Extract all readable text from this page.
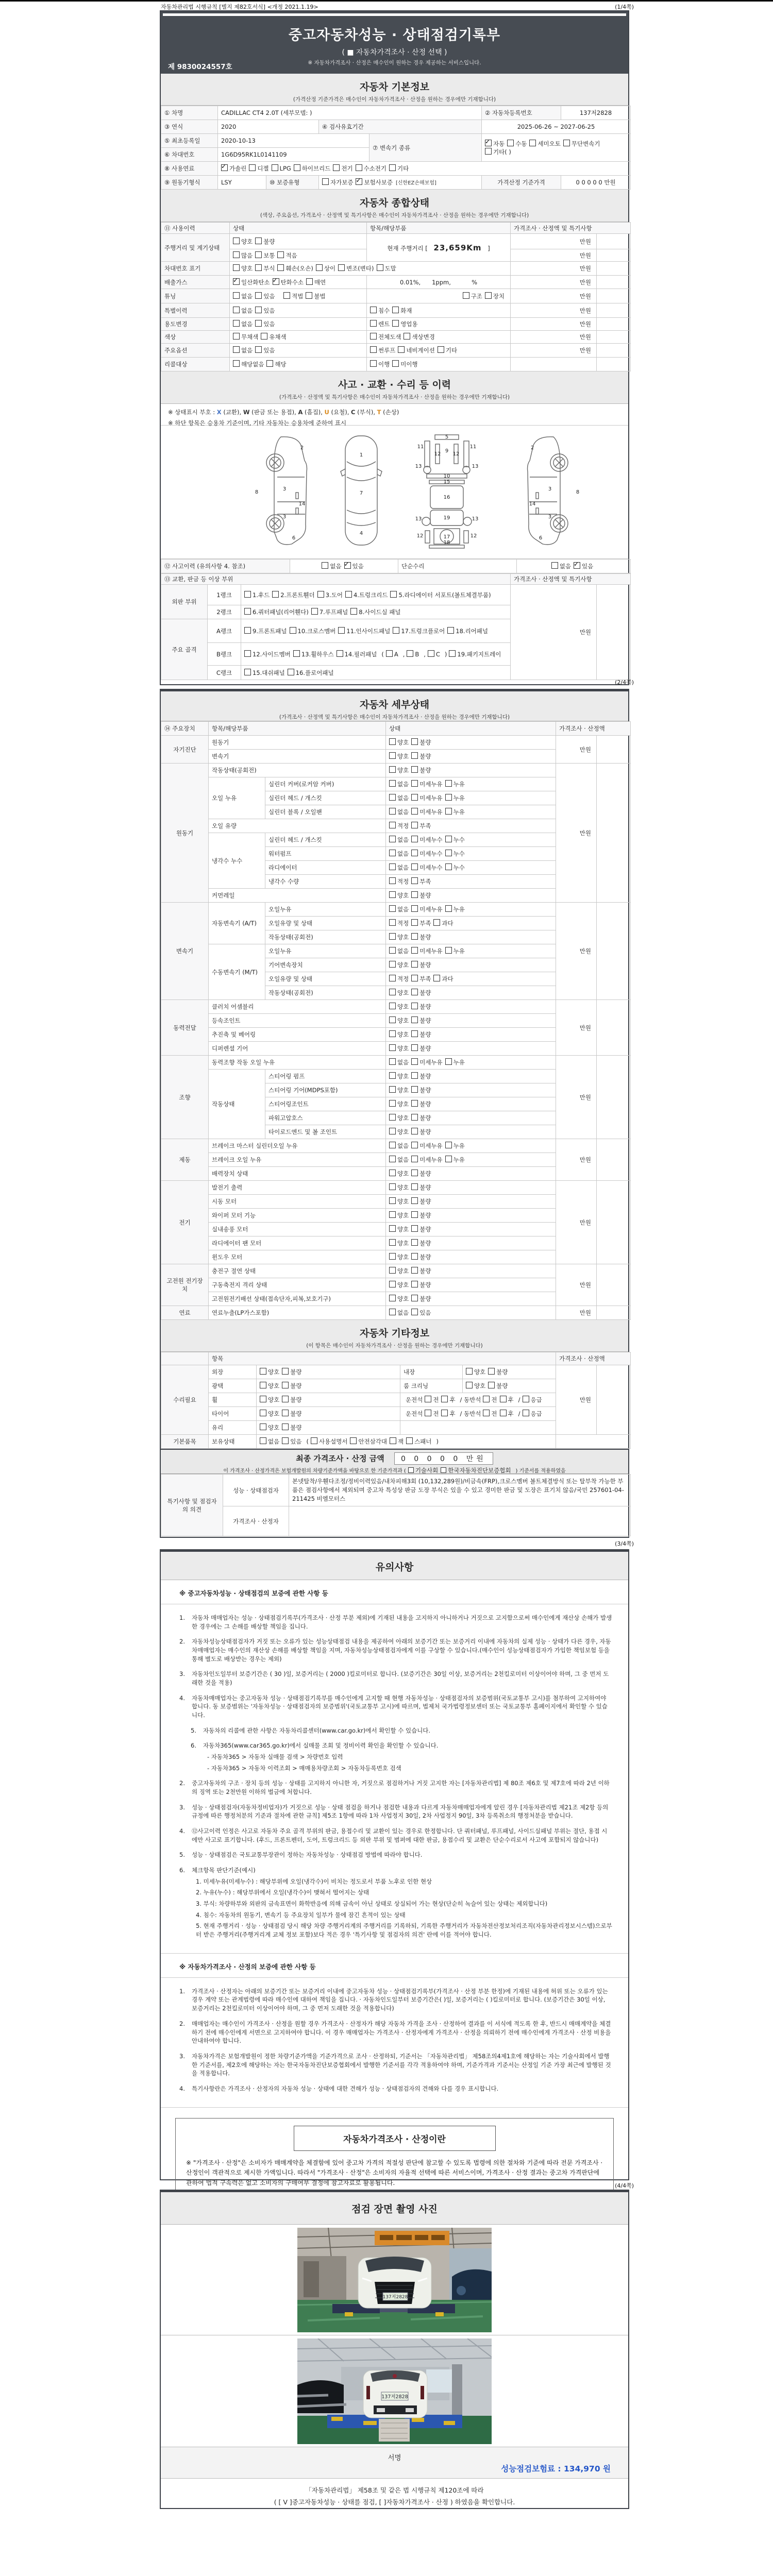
자동차관리법 시행규칙 [별지 제82호서식] <개정 2021.1.19>	(1/4쪽)
중고자동차성능 · 상태점검기록부
( ■ 자동차가격조사 · 산정 선택 )
※ 자동차가격조사 · 산정은 매수인이 원하는 경우 제공하는 서비스입니다.
제 9830024557호
자동차 기본정보
(가격산정 기준가격은 매수인이 자동차가격조사 · 산정을 원하는 경우에만 기재합니다)
① 차명	CADILLAC CT4 2.0T (세부모델: )				② 자동차등록번호	137저2828
③ 연식	2020		④ 검사유효기간		2025-06-26 ~ 2027-06-25	
⑤ 최초등록일	2020-10-13			⑦ 변속기 종류	✓자동 수동 세미오토 무단변속기기타( )
⑥ 차대번호	1G6D95RK1L0141109					
⑧ 사용연료	✓가솔린 디젤 LPG 하이브리드 전기 수소전기 기타
⑨ 원동기형식	LSY	⑩ 보증유형	자가보증 ✓ 보험사보증 [신한EZ손해보험]		가격산정 기준가격	0 0 0 0 0 만원
자동차 종합상태
(색상, 주요옵션, 가격조사 · 산정액 및 특기사항은 매수인이 자동차가격조사 · 산정을 원하는 경우에만 기재합니다)
⑪ 사용이력	상태	항목/해당부품	가격조사 · 산정액 및 특기사항	
주행거리 및 계기상태	양호 불량	현재 주행거리 [ 23,659Km ]	만원	
	많음 보통 적음		만원	
차대번호 표기	양호 부식 훼손(오손) 상이 변조(변타) 도말		만원	
배출가스	✓일산화탄소 ✓ 탄화수소 매연	0.01%,      1ppm,           %	만원	
튜닝	없음 있음 적법 불법	구조 장치	만원	
특별이력	없음 있음	침수 화재	만원	
용도변경	없음 있음	렌트 영업용	만원	
색상	무채색 유채색	전체도색 색상변경	만원	
주요옵션	없음 있음	썬루프 네비게이션 기타	만원	
리콜대상	해당없음 해당	이행 미이행		
사고 · 교환 · 수리 등 이력
(가격조사 · 산정액 및 특기사항은 매수인이 자동차가격조사 · 산정을 원하는 경우에만 기재합니다)
※ 상태표시 부호 : X (교환), W (판금 또는 용접), A (흠집), U (요철), C (부식), T (손상)
※ 하단 항목은 승용차 기준이며, 기타 자동차는 승용차에 준하여 표시
2
8
3
14
3
6
1
7
4
5
9
11	11
12 12
13	13
10
15
16
13	13
19
17
12	12
18
2
8
3
14
3
6
⑫ 사고이력 (유의사항 4. 참조)	없음 ✓ 있음	단순수리	없음 ✓ 있음
⑬ 교환, 판금 등 이상 부위			가격조사 · 산정액 및 특기사항	
외판 부위	1랭크	1.후드 2.프론트휀더 3.도어 4.트렁크리드 5.라디에이터 서포트(볼트체결부품)	만원	
	2랭크	6.쿼터패널(리어휀다) 7.루프패널 8.사이드실 패널		
주요 골격	A랭크	9.프론트패널 10.크로스멤버 11.인사이드패널 17.트렁크플로어 18.리어패널		
	B랭크	12.사이드멤버 13.휠하우스 14.필러패널 ( A , B , C ) 19.패키지트레이		
	C랭크	15.대쉬패널 16.플로어패널		
(2/4쪽)
자동차 세부상태
(가격조사 · 산정액 및 특기사항은 매수인이 자동차가격조사 · 산정을 원하는 경우에만 기재합니다)
⑭ 주요장치	항목/해당부품		상태	가격조사 · 산정액	
자기진단	원동기		양호 불량	만원	
	변속기		양호 불량		
원동기	작동상태(공회전)		양호 불량	만원	
	오일 누유	실린더 커버(로커암 커버)	없음 미세누유 누유		
		실린더 헤드 / 개스킷	없음 미세누유 누유		
		실린더 블록 / 오일팬	없음 미세누유 누유		
	오일 유량		적정 부족		
	냉각수 누수	실린더 헤드 / 개스킷	없음 미세누수 누수		
		워터펌프	없음 미세누수 누수		
		라디에이터	없음 미세누수 누수		
		냉각수 수량	적정 부족		
	커먼레일		양호 불량		
변속기	자동변속기 (A/T)	오일누유	없음 미세누유 누유	만원	
		오일유량 및 상태	적정 부족 과다		
		작동상태(공회전)	양호 불량		
	수동변속기 (M/T)	오일누유	없음 미세누유 누유		
		기어변속장치	양호 불량		
		오일유량 및 상태	적정 부족 과다		
		작동상태(공회전)	양호 불량		
동력전달	클러치 어셈블리		양호 불량	만원	
	등속조인트		양호 불량		
	추진축 및 베어링		양호 불량		
	디퍼렌셜 기어		양호 불량		
조향	동력조향 작동 오일 누유		없음 미세누유 누유	만원	
	작동상태	스티어링 펌프	양호 불량		
		스티어링 기어(MDPS포함)	양호 불량		
		스티어링조인트	양호 불량		
		파워고압호스	양호 불량		
		타이로드엔드 및 볼 조인트	양호 불량		
제동	브레이크 마스터 실린더오일 누유		없음 미세누유 누유	만원	
	브레이크 오일 누유		없음 미세누유 누유		
	배력장치 상태		양호 불량		
전기	발전기 출력		양호 불량	만원	
	시동 모터		양호 불량		
	와이퍼 모터 기능		양호 불량		
	실내송풍 모터		양호 불량		
	라디에이터 팬 모터		양호 불량		
	윈도우 모터		양호 불량		
고전원 전기장치	충전구 절연 상태		양호 불량	만원	
	구동축전지 격리 상태		양호 불량		
	고전원전기배선 상태(접속단자,피복,보호기구)		양호 불량		
연료	연료누출(LP가스포함)		없음 있음	만원	
자동차 기타정보
(이 항목은 매수인이 자동차가격조사 · 산정을 원하는 경우에만 기재합니다)
	항목				가격조사 · 산정액	
수리필요	외장	양호 불량	내장	양호 불량	만원	
	광택	양호 불량	룸 크리닝	양호 불량		
	휠	양호 불량	운전석 전 후 / 동반석 전 후 / 응급			
	타이어	양호 불량	운전석 전 후 / 동반석 전 후 / 응급			
	유리	양호 불량				
기본품목	보유상태	없음 있음 ( 사용설명서 안전삼각대 잭 스패너 )				
최종 가격조사 · 산정 금액 0 0 0 0 0 만원
이 가격조사 · 산정가격은 보험개발원의 차량기준가액을 바탕으로 한 기준가격과 ( 기술사회 한국자동차진단보증협회 ) 기준서를 적용하였음
특기사항 및 점검자의 의견	성능 · 상태점검자	본넷탈착/우휀다조정/정비이력있음/내차피해3회 (10,132,289원)/비금속(FRP),크로스멤버 볼트체결방식 또는 탈부착 가능한 부품은 점검사항에서 제외되며 중고차 특성상 판금 도장 부식은 있을 수 있고 경미한 판금 및 도장은 표기치 않음/국민 257601-04-211425 비엠모터스
	가격조사 · 산정자	
(3/4쪽)
유의사항
※ 중고자동차성능 · 상태점검의 보증에 관한 사항 등
1.	자동차 매매업자는 성능 · 상태점검기록부(가격조사 · 산정 부분 제외)에 기재된 내용을 고지하지 아니하거나 거짓으로 고지함으로써 매수인에게 재산상 손해가 발생한 경우에는 그 손해를 배상할 책임을 집니다.
2.	자동차성능상태점검자가 거짓 또는 오류가 있는 성능상태점검 내용을 제공하여 아래의 보증기간 또는 보증거리 이내에 자동차의 실제 성능 · 상태가 다른 경우, 자동차매매업자는 매수인의 재산상 손해를 배상할 책임을 지며, 자동차성능상태점검자에게 이를 구상할 수 있습니다.(매수인이 성능상태점검자가 가입한 책임보험 등을 통해 별도로 배상받는 경우는 제외)
3.	자동차인도일부터 보증기간은 ( 30 )일, 보증거리는 ( 2000 )킬로미터로 합니다. (보증기간은 30일 이상, 보증거리는 2천킬로미터 이상이어야 하며, 그 중 먼저 도래한 것을 적용)
4.	자동차매매업자는 중고자동차 성능 · 상태점검기록부를 매수인에게 고지할 때 현행 자동차성능 · 상태점검자의 보증범위(국토교통부 고시)를 첨부하여 고지하여야 합니다. 동 보증범위는 '자동차성능 · 상태점검자의 보증범위'(국토교통부 고시)에 따르며, 법제처 국가법령정보센터 또는 국토교통부 홈페이지에서 확인할 수 있습니다.
5.	자동차의 리콜에 관한 사항은 자동차리콜센터(www.car.go.kr)에서 확인할 수 있습니다.
6.	자동차365(www.car365.go.kr)에서 실매물 조회 및 정비이력 확인을 확인할 수 있습니다.
- 자동차365 > 자동차 실매물 검색 > 차량번호 입력
- 자동차365 > 자동차 이력조회 > 매매용차량조회 > 자동차등록번호 검색
2.	중고자동차의 구조 · 장치 등의 성능 · 상태를 고지하지 아니한 자, 거짓으로 점검하거나 거짓 고지한 자는 [자동차관리법] 제 80조 제6호 및 제7호에 따라 2년 이하의 징역 또는 2천만원 이하의 벌금에 처합니다.
3.	성능 · 상태점검자(자동차정비업자)가 거짓으로 성능 · 상태 점검을 하거나 점검한 내용과 다르게 자동차매매업자에게 알린 경우 [자동차관리법 제21조 제2항 등의 규정에 따른 행정처분의 기준과 절차에 관한 규칙] 제5조 1항에 따라 1차 사업정지 30일, 2차 사업정지 90일, 3차 등록취소의 행정처분을 받습니다.
4.	⑫사고이력 인정은 사고로 자동차 주요 골격 부위의 판금, 용접수리 및 교환이 있는 경우로 한정합니다. 단 쿼터패널, 루프패널, 사이드실패널 부위는 절단, 용접 시에만 사고로 표기합니다. (후드, 프론트펜더, 도어, 트렁크리드 등 외판 부위 및 범퍼에 대한 판금, 용접수리 및 교환은 단순수리로서 사고에 포함되지 않습니다)
5.	성능 · 상태점검은 국토교통부장관이 정하는 자동차성능 · 상태점검 방법에 따라야 합니다.
6.	체크항목 판단기준(예시)
1. 미세누유(미세누수) : 해당부위에 오일(냉각수)이 비치는 정도로서 부품 노후로 인한 현상
2. 누유(누수) : 해당부위에서 오일(냉각수)이 맺혀서 떨어지는 상태
3. 부식: 차량하부와 외판의 금속표면이 화학반응에 의해 금속이 아닌 상태로 상실되어 가는 현상(단순히 녹슬어 있는 상태는 제외합니다)
4. 침수: 자동차의 원동기, 변속기 등 주요장치 일부가 물에 잠긴 흔적이 있는 상태
5. 현재 주행거리 · 성능 · 상태점검 당시 해당 차량 주행거리계의 주행거리를 기록하되, 기록한 주행거리가 자동차전산정보처리조직(자동차관리정보시스템)으로부터 받은 주행거리(주행거리계 교체 정보 포함)보다 적은 경우 '특기사항 및 점검자의 의견' 란에 이를 적어야 합니다.
※ 자동차가격조사 · 산정의 보증에 관한 사항 등
1.	가격조사 · 산정자는 아래의 보증기간 또는 보증거리 이내에 중고자동차 성능 · 상태점검기록부(가격조사 · 산정 부분 한정)에 기재된 내용에 허위 또는 오류가 있는 경우 계약 또는 관계법령에 따라 매수인에 대하여 책임을 집니다. · 자동차인도일부터 보증기간은( )일, 보증거리는 ( )킬로미터로 합니다. (보증기간은 30일 이상, 보증거리는 2천킬로미터 이상이어야 하며, 그 중 먼저 도래한 것을 적용합니다)
2.	매매업자는 매수인이 가격조사 · 산정을 원할 경우 가격조사 · 산정자가 해당 자동차 가격을 조사 · 산정하여 결과를 이 서식에 적도록 한 후, 반드시 매매계약을 체결하기 전에 매수인에게 서면으로 고지하여야 합니다. 이 경우 매매업자는 가격조사 · 산정자에게 가격조사 · 산정을 의뢰하기 전에 매수인에게 가격조사 · 산정 비용을 안내하여야 합니다.
3.	자동차가격은 보험개발원이 정한 차량기준가액을 기준가격으로 조사 · 산정하되, 기준서는 「자동차관리법」 제58조의4제1호에 해당하는 자는 기술사회에서 발행한 기준서를, 제2호에 해당하는 자는 한국자동차진단보증협회에서 발행한 기준서를 각각 적용하여야 하며, 기준가격과 기준서는 산정일 기준 가장 최근에 발행된 것을 적용합니다.
4.	특기사항란은 가격조사 · 산정자의 자동차 성능 · 상태에 대한 견해가 성능 · 상태점검자의 견해와 다를 경우 표시합니다.
자동차가격조사 · 산정이란
※ "가격조사 · 산정"은 소비자가 매매계약을 체결함에 있어 중고차 가격의 적절성 판단에 참고할 수 있도록 법령에 의한 절차와 기준에 따라 전문 가격조사 · 산정인이 객관적으로 제시한 가액입니다. 따라서 "가격조사 · 산정"은 소비자의 자율적 선택에 따른 서비스이며, 가격조사 · 산정 결과는 중고차 가격판단에 관하여 법적 구속력은 없고 소비자의 구매여부 결정에 참고자료로 활용됩니다.	(4/4쪽)
점검 장면 촬영 사진
137저2828
137저2828
서명
성능점검보험료 : 134,970 원
「자동차관리법」 제58조 및 같은 법 시행규칙 제120조에 따라
( [ V ]중고자동차성능 · 상태를 점검, [ ]자동차가격조사 · 산정 ) 하였음을 확인합니다.
